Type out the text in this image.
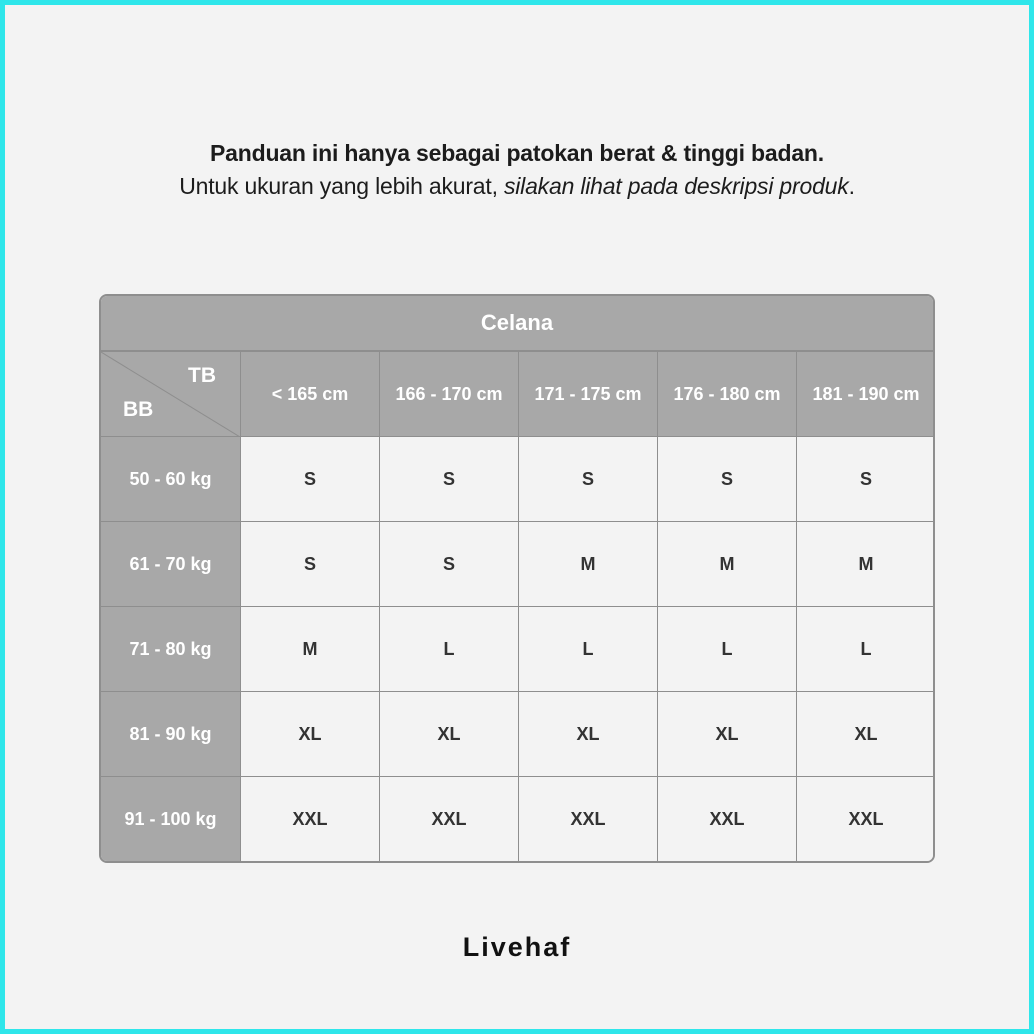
Panduan ini hanya sebagai patokan berat & tinggi badan.
Untuk ukuran yang lebih akurat, silakan lihat pada deskripsi produk.
Celana
TB
BB
< 165 cm	166 - 170 cm	171 - 175 cm	176 - 180 cm	181 - 190 cm
50 - 60 kg	S	S	S	S	S
61 - 70 kg	S	S	M	M	M
71 - 80 kg	M	L	L	L	L
81 - 90 kg	XL	XL	XL	XL	XL
91 - 100 kg	XXL	XXL	XXL	XXL	XXL
Livehaf
